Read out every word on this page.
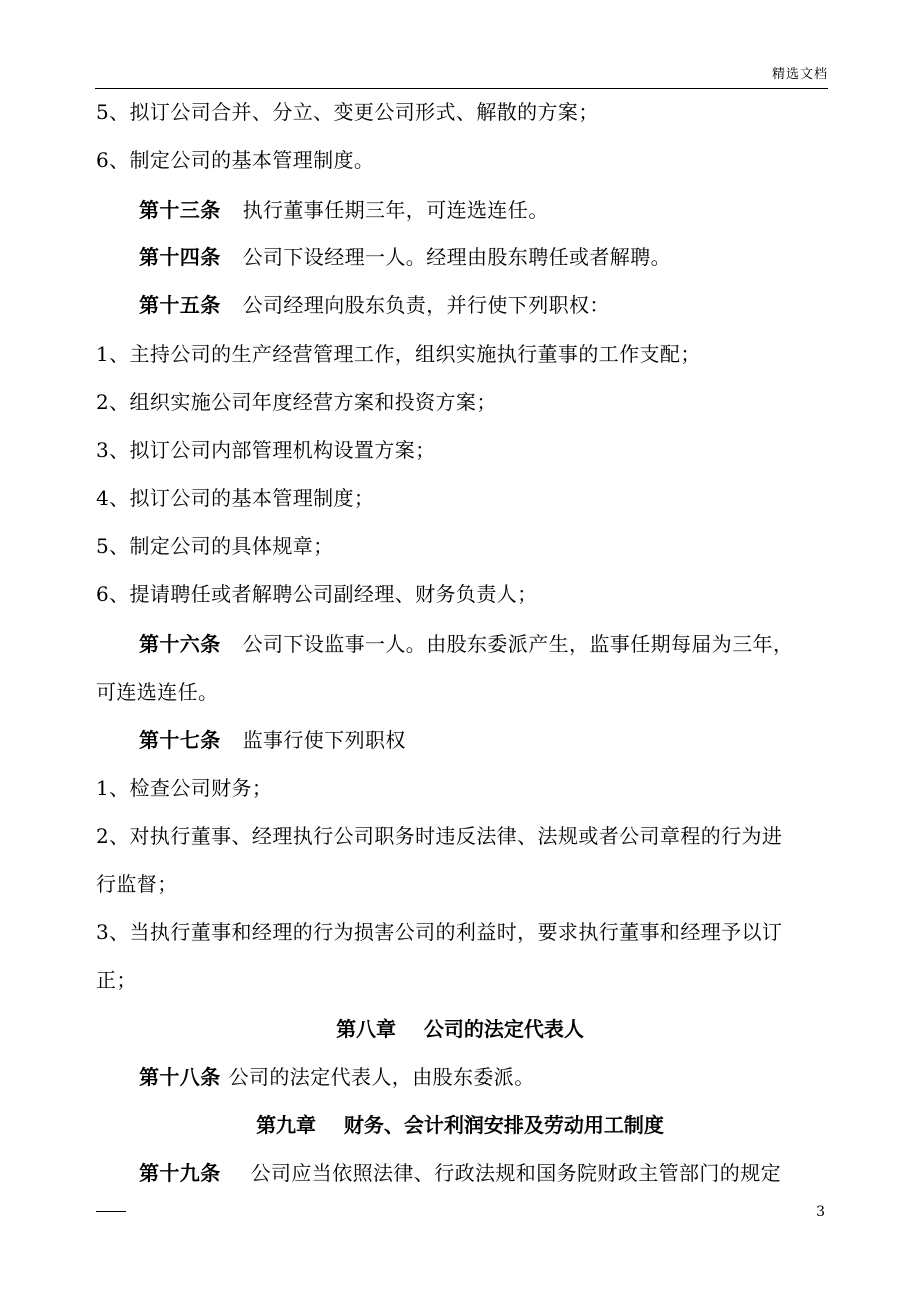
精选文档
5、拟订公司合并、分立、变更公司形式、解散的方案；
6、制定公司的基本管理制度。
第十三条 执行董事任期三年，可连选连任。
第十四条 公司下设经理一人。经理由股东聘任或者解聘。
第十五条 公司经理向股东负责，并行使下列职权：
1、主持公司的生产经营管理工作，组织实施执行董事的工作支配；
2、组织实施公司年度经营方案和投资方案；
3、拟订公司内部管理机构设置方案；
4、拟订公司的基本管理制度；
5、制定公司的具体规章；
6、提请聘任或者解聘公司副经理、财务负责人；
第十六条 公司下设监事一人。由股东委派产生，监事任期每届为三年，
可连选连任。
第十七条 监事行使下列职权
1、检查公司财务；
2、对执行董事、经理执行公司职务时违反法律、法规或者公司章程的行为进
行监督；
3、当执行董事和经理的行为损害公司的利益时，要求执行董事和经理予以订
正；
第八章    公司的法定代表人
第十八条 公司的法定代表人，由股东委派。
第九章    财务、会计利润安排及劳动用工制度
第十九条 公司应当依照法律、行政法规和国务院财政主管部门的规定
3
